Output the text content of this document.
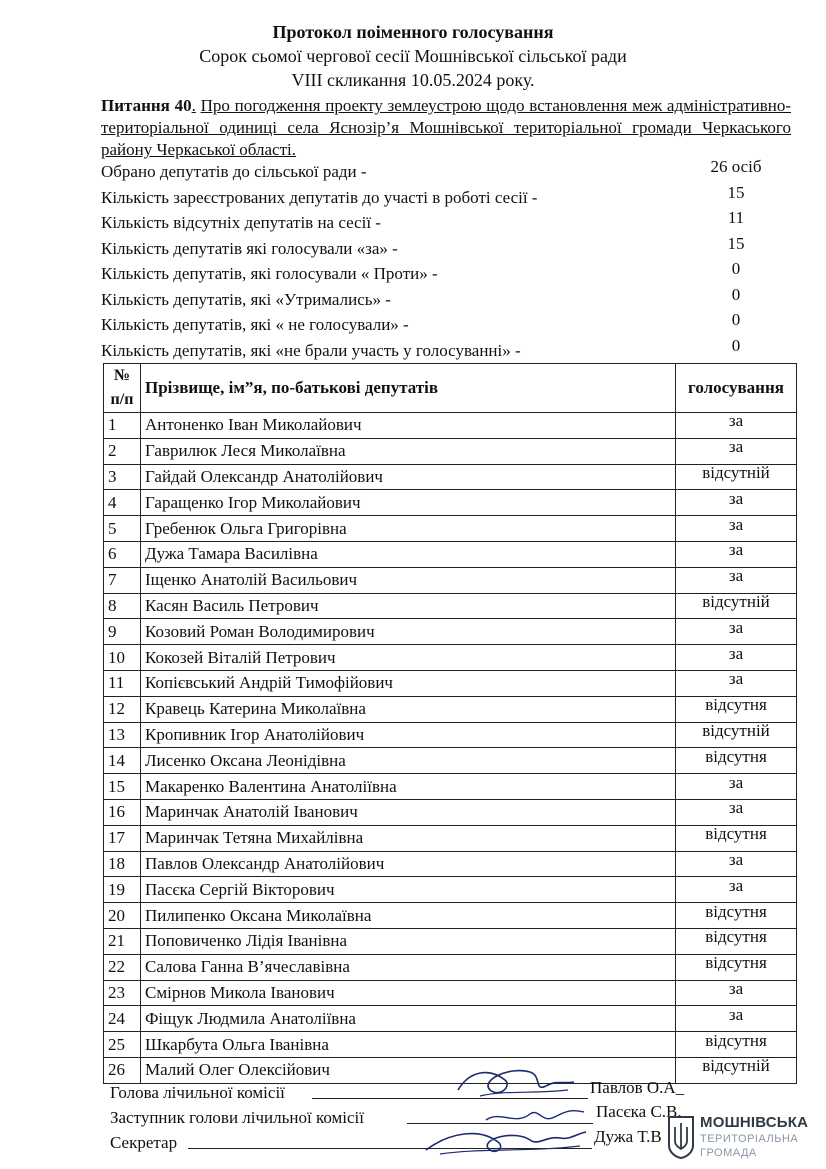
Протокол поіменного голосування
Сорок сьомої чергової сесії Мошнівської сільської ради
VIII скликання 10.05.2024 року.
Питання 40. Про погодження проекту землеустрою щодо встановлення меж адміністративно-територіальної одиниці села Яснозір’я Мошнівської територіальної громади Черкаського району Черкаської області.
Обрано депутатів до сільської ради -	26 осіб
Кількість зареєстрованих депутатів до участі в роботі сесії -	15
Кількість відсутніх депутатів на сесії -	11
Кількість депутатів які голосували «за» -	15
Кількість депутатів, які голосували « Проти» -	0
Кількість депутатів, які «Утримались» -	0
Кількість депутатів, які « не голосували» -	0
Кількість депутатів, які «не брали участь у голосуванні» -	0
№ п/п	Прізвище, ім”я, по-батькові депутатів	голосування
1	Антоненко Іван Миколайович	за
2	Гаврилюк Леся Миколаївна	за
3	Гайдай Олександр Анатолійович	відсутній
4	Гаращенко Ігор Миколайович	за
5	Гребенюк Ольга Григорівна	за
6	Дужа Тамара Василівна	за
7	Іщенко Анатолій Васильович	за
8	Касян Василь Петрович	відсутній
9	Козовий Роман Володимирович	за
10	Кокозей Віталій Петрович	за
11	Копієвський Андрій Тимофійович	за
12	Кравець Катерина Миколаївна	відсутня
13	Кропивник Ігор Анатолійович	відсутній
14	Лисенко Оксана Леонідівна	відсутня
15	Макаренко Валентина Анатоліївна	за
16	Маринчак Анатолій Іванович	за
17	Маринчак Тетяна Михайлівна	відсутня
18	Павлов Олександр Анатолійович	за
19	Пасєка Сергій Вікторович	за
20	Пилипенко Оксана Миколаївна	відсутня
21	Поповиченко Лідія Іванівна	відсутня
22	Салова Ганна В’ячеславівна	відсутня
23	Смірнов Микола Іванович	за
24	Фіщук Людмила Анатоліївна	за
25	Шкарбута Ольга Іванівна	відсутня
26	Малий Олег Олексійович	відсутній
Голова лічильної комісії
Заступник голови лічильної комісії
Секретар
Павлов О.А_
Пасєка С.В.
Дужа Т.В
МОШНІВСЬКА
ТЕРИТОРІАЛЬНА
ГРОМАДА
